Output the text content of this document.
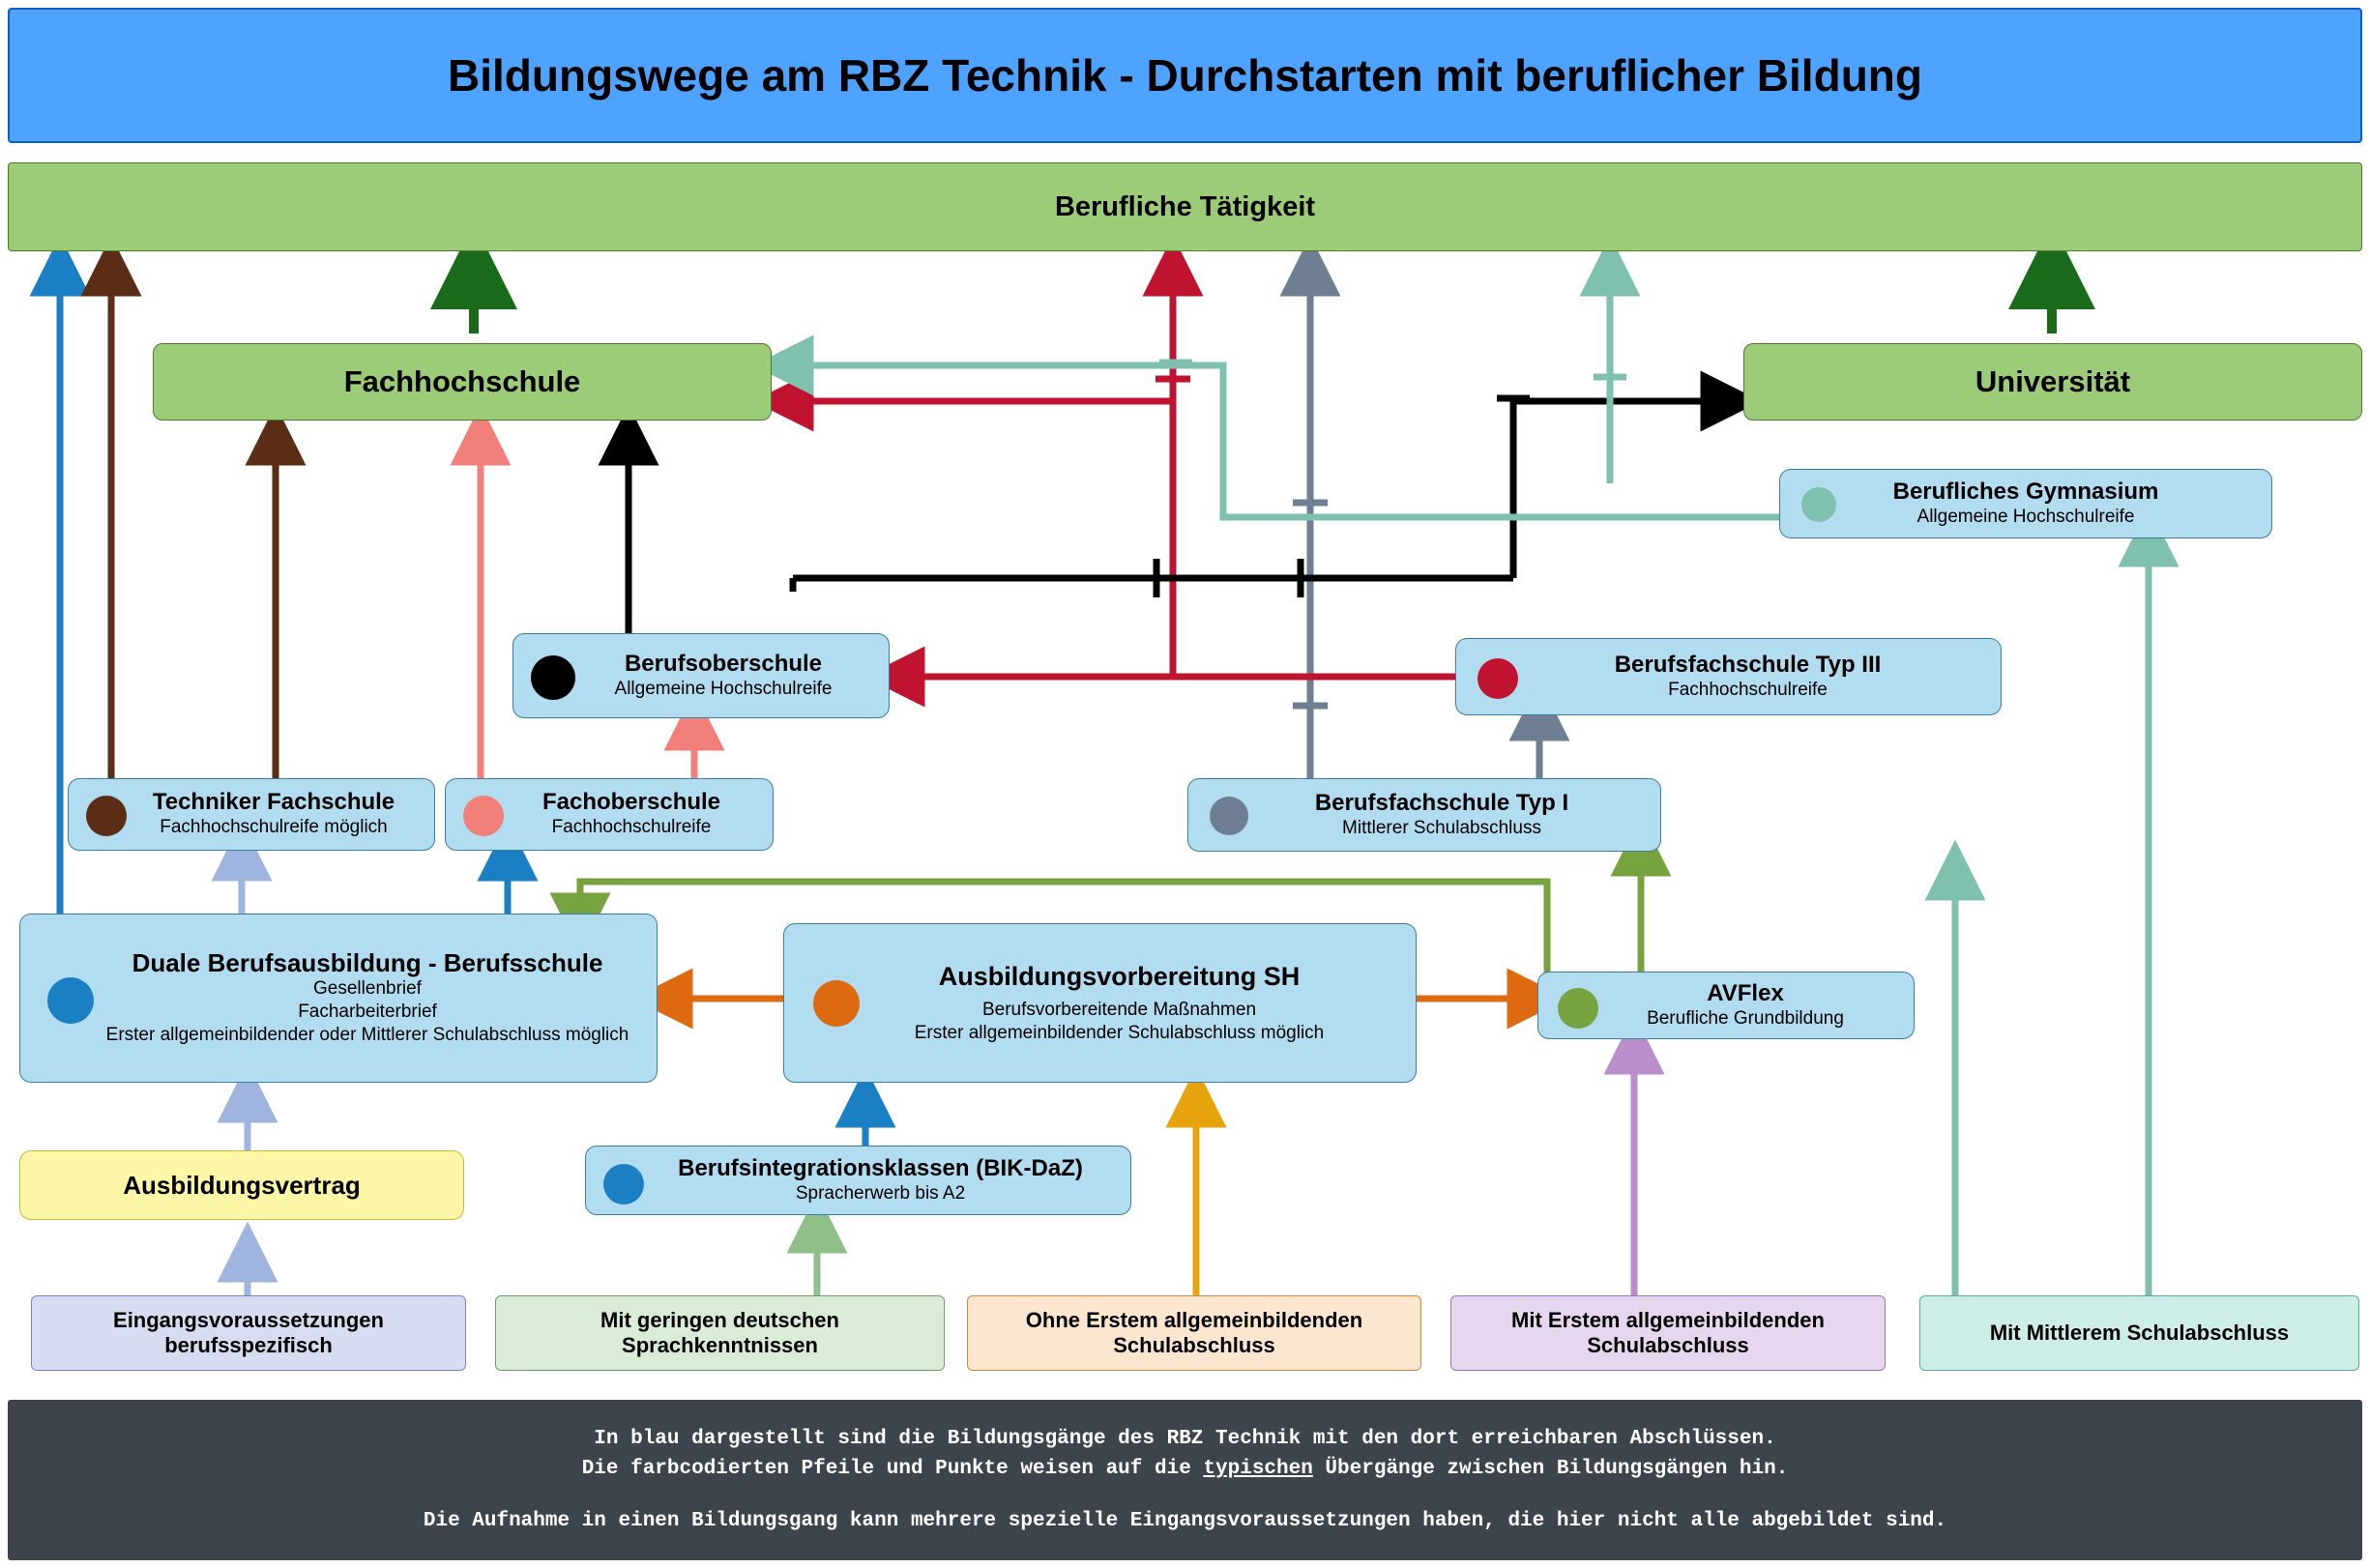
Bildungswege am RBZ Technik - Durchstarten mit beruflicher Bildung
Berufliche Tätigkeit
Fachhochschule	Universität
Berufliches Gymnasium
Allgemeine Hochschulreife
Berufsoberschule
Allgemeine Hochschulreife
Berufsfachschule Typ III
Fachhochschulreife
Techniker Fachschule
Fachhochschulreife möglich
Fachoberschule
Fachhochschulreife
Berufsfachschule Typ I
Mittlerer Schulabschluss
Duale Berufsausbildung - Berufsschule
Gesellenbrief
Facharbeiterbrief
Erster allgemeinbildender oder Mittlerer Schulabschluss möglich
Ausbildungsvorbereitung SH
Berufsvorbereitende Maßnahmen
Erster allgemeinbildender Schulabschluss möglich
AVFlex
Berufliche Grundbildung
Berufsintegrationsklassen (BIK-DaZ)
Spracherwerb bis A2
Ausbildungsvertrag
Eingangsvoraussetzungen
berufsspezifisch
Mit geringen deutschen
Sprachkenntnissen
Ohne Erstem allgemeinbildenden
Schulabschluss
Mit Erstem allgemeinbildenden
Schulabschluss
Mit Mittlerem Schulabschluss
In blau dargestellt sind die Bildungsgänge des RBZ Technik mit den dort erreichbaren Abschlüssen.
Die farbcodierten Pfeile und Punkte weisen auf die typischen Übergänge zwischen Bildungsgängen hin.
Die Aufnahme in einen Bildungsgang kann mehrere spezielle Eingangsvoraussetzungen haben, die hier nicht alle abgebildet sind.
